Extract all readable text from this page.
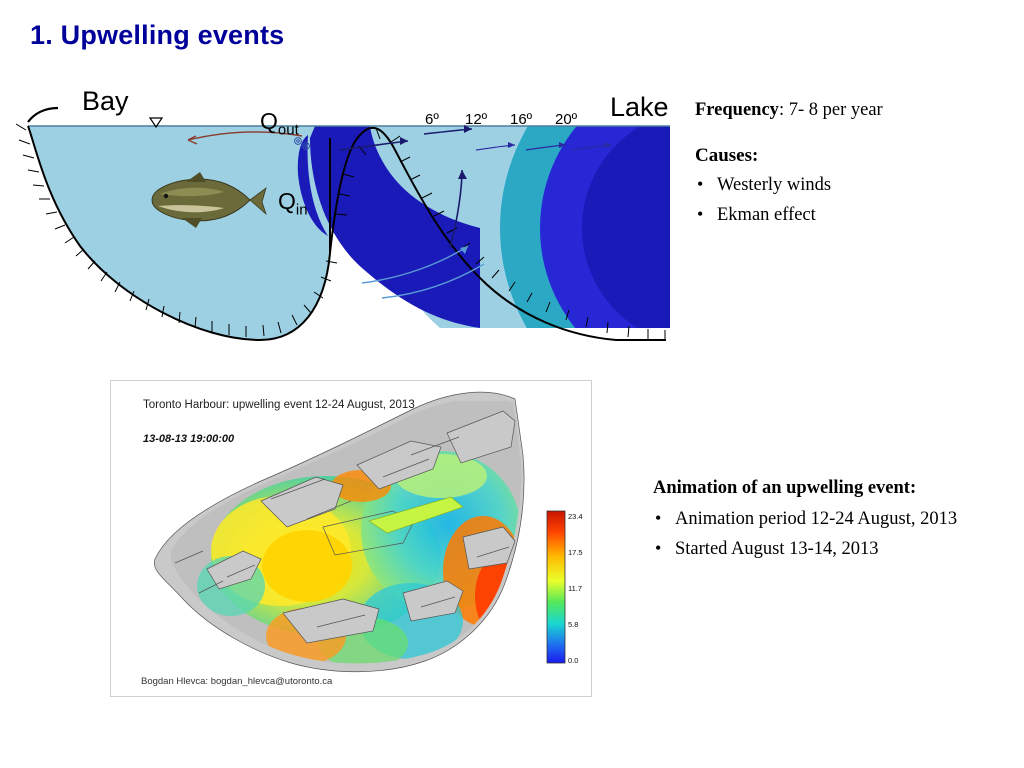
1. Upwelling events
Bay	Lake
$Q_{out}$
$Q_{in}$
6º 12º 16º 20º	Frequency: 7- 8 per year
Causes:
• Westerly winds
• Ekman effect
Animation of an upwelling event:
• Animation period 12-24 August, 2013
• Started August 13-14, 2013
Toronto Harbour: upwelling event 12-24 August, 2013
13-08-13 19:00:00
Bogdan Hlevca: bogdan_hlevca@utoronto.ca
23.4
17.5
11.7
5.8
0.0
